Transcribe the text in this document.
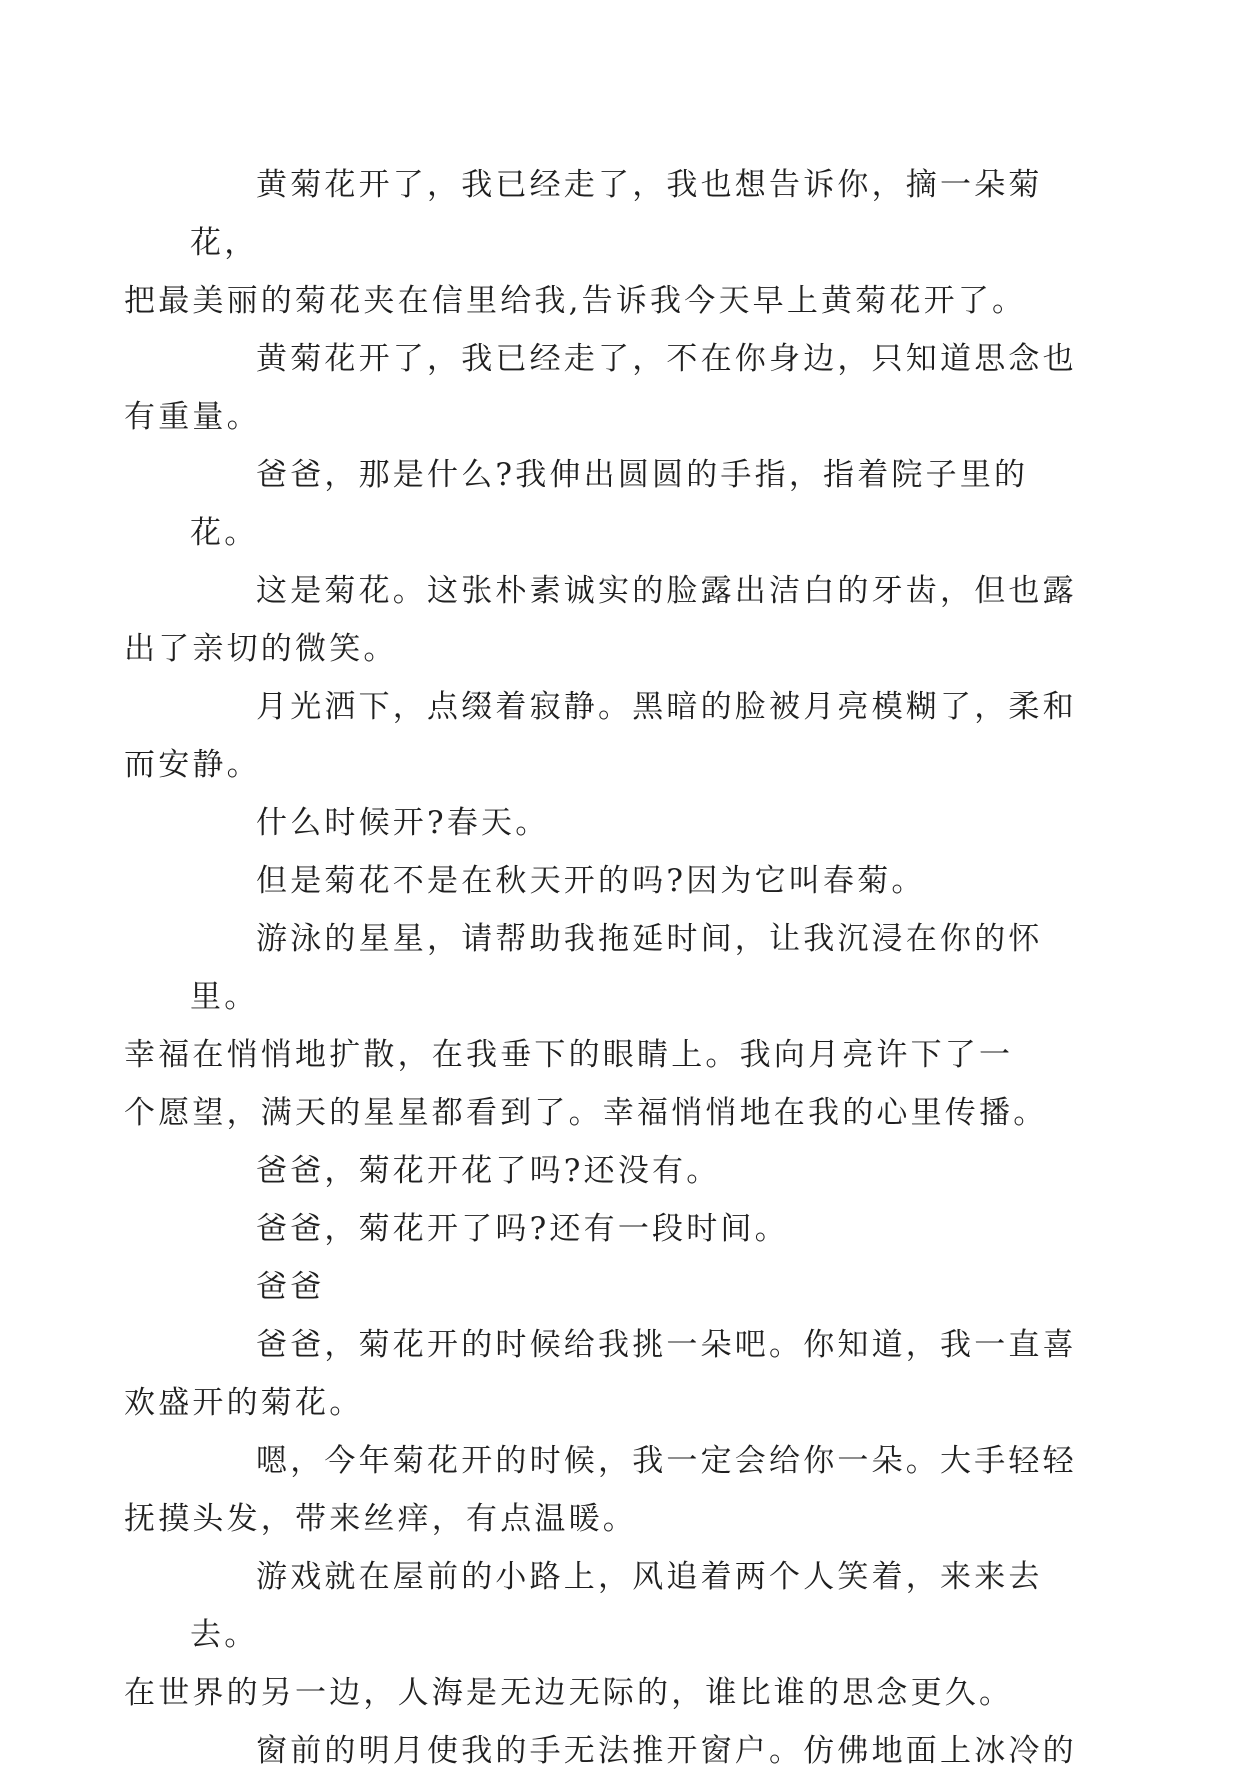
黄菊花开了，我已经走了，我也想告诉你，摘一朵菊花，
把最美丽的菊花夹在信里给我,告诉我今天早上黄菊花开了。

黄菊花开了，我已经走了，不在你身边，只知道思念也
有重量。

爸爸，那是什么?我伸出圆圆的手指，指着院子里的花。

这是菊花。这张朴素诚实的脸露出洁白的牙齿，但也露
出了亲切的微笑。

月光洒下，点缀着寂静。黑暗的脸被月亮模糊了，柔和
而安静。

什么时候开?春天。

但是菊花不是在秋天开的吗?因为它叫春菊。

游泳的星星，请帮助我拖延时间，让我沉浸在你的怀里。
幸福在悄悄地扩散，在我垂下的眼睛上。我向月亮许下了一
个愿望，满天的星星都看到了。幸福悄悄地在我的心里传播。

爸爸，菊花开花了吗?还没有。

爸爸，菊花开了吗?还有一段时间。

爸爸

爸爸，菊花开的时候给我挑一朵吧。你知道，我一直喜
欢盛开的菊花。

嗯，今年菊花开的时候，我一定会给你一朵。大手轻轻
抚摸头发，带来丝痒，有点温暖。

游戏就在屋前的小路上，风追着两个人笑着，来来去去。
在世界的另一边，人海是无边无际的，谁比谁的思念更久。

窗前的明月使我的手无法推开窗户。仿佛地面上冰冷的
